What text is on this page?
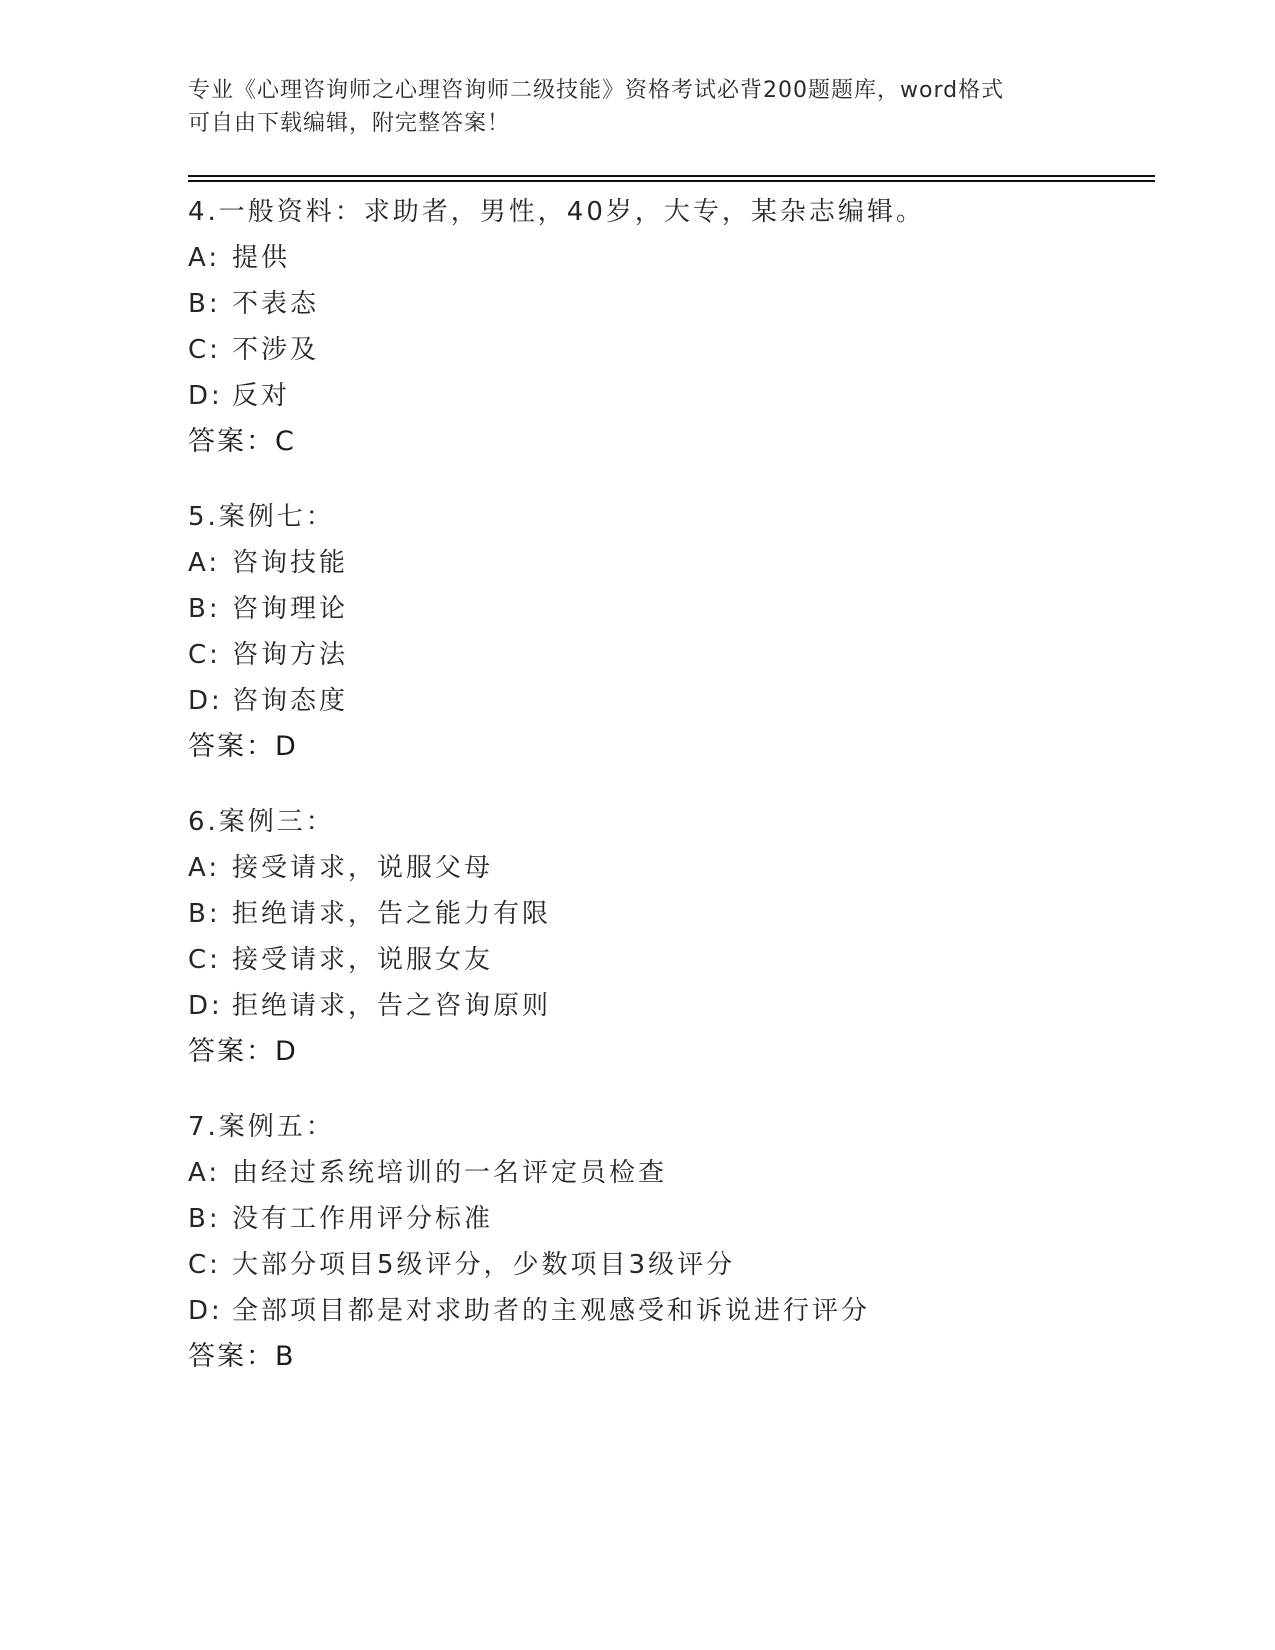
专业《心理咨询师之心理咨询师二级技能》资格考试必背200题题库，word格式
可自由下载编辑，附完整答案！
4.一般资料：求助者，男性，40岁，大专，某杂志编辑。
A: 提供
B: 不表态
C: 不涉及
D: 反对
答案：C
5.案例七：
A: 咨询技能
B: 咨询理论
C: 咨询方法
D: 咨询态度
答案：D
6.案例三：
A: 接受请求，说服父母
B: 拒绝请求，告之能力有限
C: 接受请求，说服女友
D: 拒绝请求，告之咨询原则
答案：D
7.案例五：
A: 由经过系统培训的一名评定员检查
B: 没有工作用评分标准
C: 大部分项目5级评分，少数项目3级评分
D: 全部项目都是对求助者的主观感受和诉说进行评分
答案：B
